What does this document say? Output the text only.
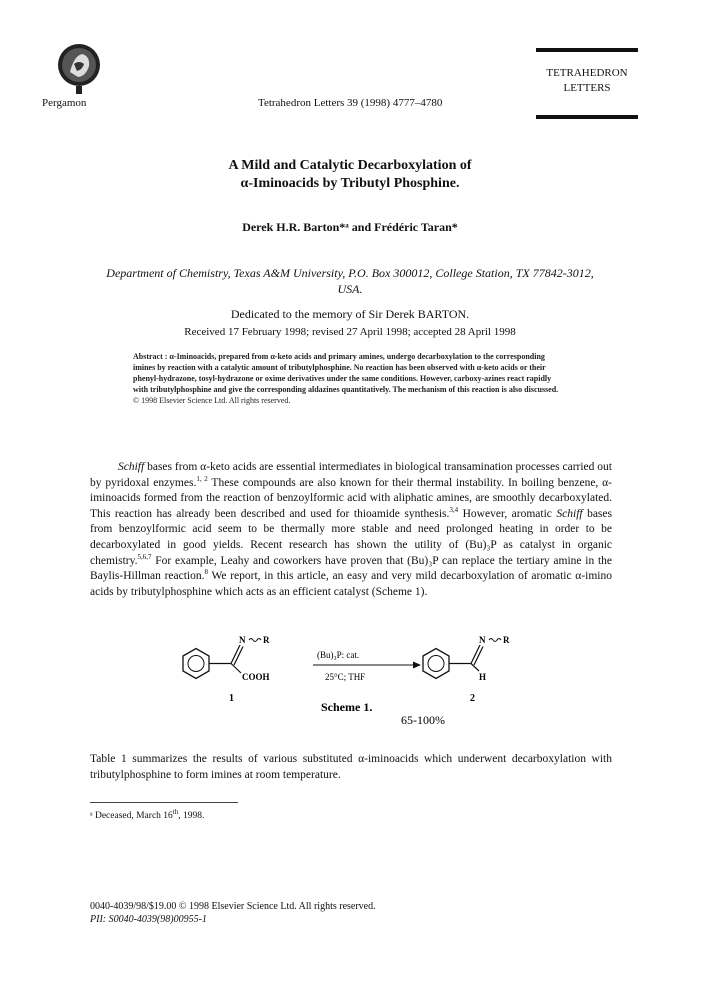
Pergamon	Tetrahedron Letters 39 (1998) 4777–4780
TETRAHEDRON
LETTERS
A Mild and Catalytic Decarboxylation of
α-Iminoacids by Tributyl Phosphine.
Derek H.R. Barton*ᵃ and Frédéric Taran*
Department of Chemistry, Texas A&M University, P.O. Box 300012, College Station, TX 77842-3012,
USA.
Dedicated to the memory of Sir Derek BARTON.
Received 17 February 1998; revised 27 April 1998; accepted 28 April 1998
Abstract : α-Iminoacids, prepared from α-keto acids and primary amines, undergo decarboxylation to the corresponding imines by reaction with a catalytic amount of tributylphosphine. No reaction has been observed with α-keto acids or their phenyl-hydrazone, tosyl-hydrazone or oxime derivatives under the same conditions. However, carboxy-azines react rapidly with tributylphosphine and give the corresponding aldazines quantitatively. The mechanism of this reaction is also discussed.
© 1998 Elsevier Science Ltd. All rights reserved.
Schiff bases from α-keto acids are essential intermediates in biological transamination processes carried out by pyridoxal enzymes.$^{1, 2}$ These compounds are also known for their thermal instability. In boiling benzene, α-iminoacids formed from the reaction of benzoylformic acid with aliphatic amines, are smoothly decarboxylated. This reaction has already been described and used for thioamide synthesis.$^{3,4}$ However, aromatic Schiff bases from benzoylformic acid seem to be thermally more stable and need prolonged heating in order to be decarboxylated in good yields. Recent research has shown the utility of (Bu)₃P as catalyst in organic chemistry.$^{5,6,7}$ For example, Leahy and coworkers have proven that (Bu)₃P can replace the tertiary amine in the Baylis-Hillman reaction.$^8$ We report, in this article, an easy and very mild decarboxylation of aromatic α-imino acids by tributylphosphine which acts as an efficient catalyst (Scheme 1).
N R
COOH
1
(Bu)₃P: cat.
25°C; THF
N R
H
2
Scheme 1.
65-100%
Table 1 summarizes the results of various substituted α-iminoacids which underwent decarboxylation with tributylphosphine to form imines at room temperature.
ᵃ Deceased, March 16th, 1998.
0040-4039/98/$19.00 © 1998 Elsevier Science Ltd. All rights reserved.
PII: S0040-4039(98)00955-1
